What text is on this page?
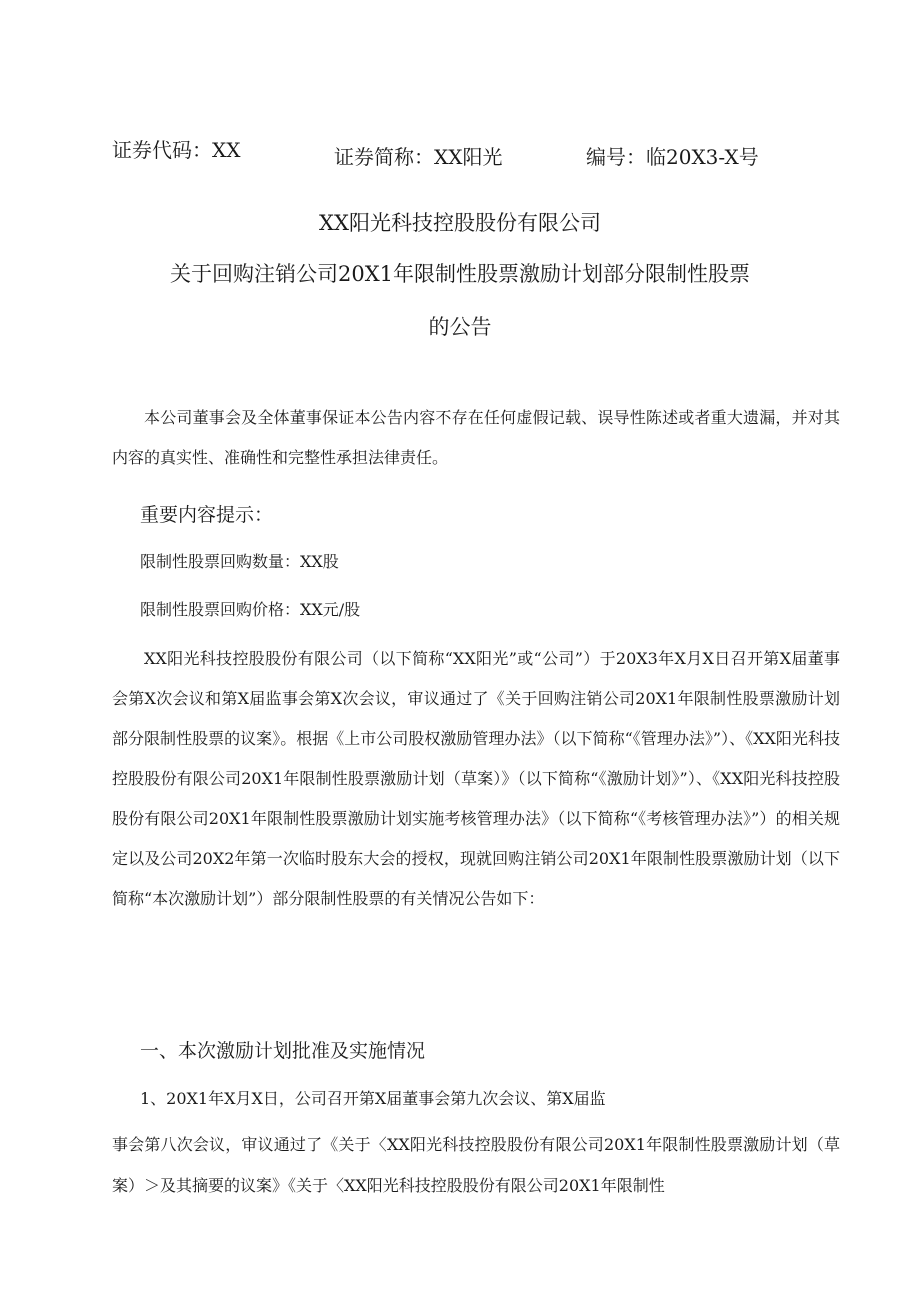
证券代码：XX	证券简称：XX阳光	编号：临20X3-X号
XX阳光科技控股股份有限公司
关于回购注销公司20X1年限制性股票激励计划部分限制性股票
的公告

本公司董事会及全体董事保证本公告内容不存在任何虚假记载、误导性陈述或者重大遗漏，并对其内容的真实性、准确性和完整性承担法律责任。

重要内容提示：
限制性股票回购数量：XX股
限制性股票回购价格：XX元/股

XX阳光科技控股股份有限公司（以下简称“XX阳光”或“公司”）于20X3年X月X日召开第X届董事会第X次会议和第X届监事会第X次会议，审议通过了《关于回购注销公司20X1年限制性股票激励计划部分限制性股票的议案》。根据《上市公司股权激励管理办法》（以下简称“《管理办法》”）、《XX阳光科技控股股份有限公司20X1年限制性股票激励计划（草案）》（以下简称“《激励计划》”）、《XX阳光科技控股股份有限公司20X1年限制性股票激励计划实施考核管理办法》（以下简称“《考核管理办法》”）的相关规定以及公司20X2年第一次临时股东大会的授权，现就回购注销公司20X1年限制性股票激励计划（以下简称“本次激励计划”）部分限制性股票的有关情况公告如下：

一、本次激励计划批准及实施情况
1、20X1年X月X日，公司召开第X届董事会第九次会议、第X届监

事会第八次会议，审议通过了《关于〈XX阳光科技控股股份有限公司20X1年限制性股票激励计划（草案）＞及其摘要的议案》《关于〈XX阳光科技控股股份有限公司20X1年限制性
